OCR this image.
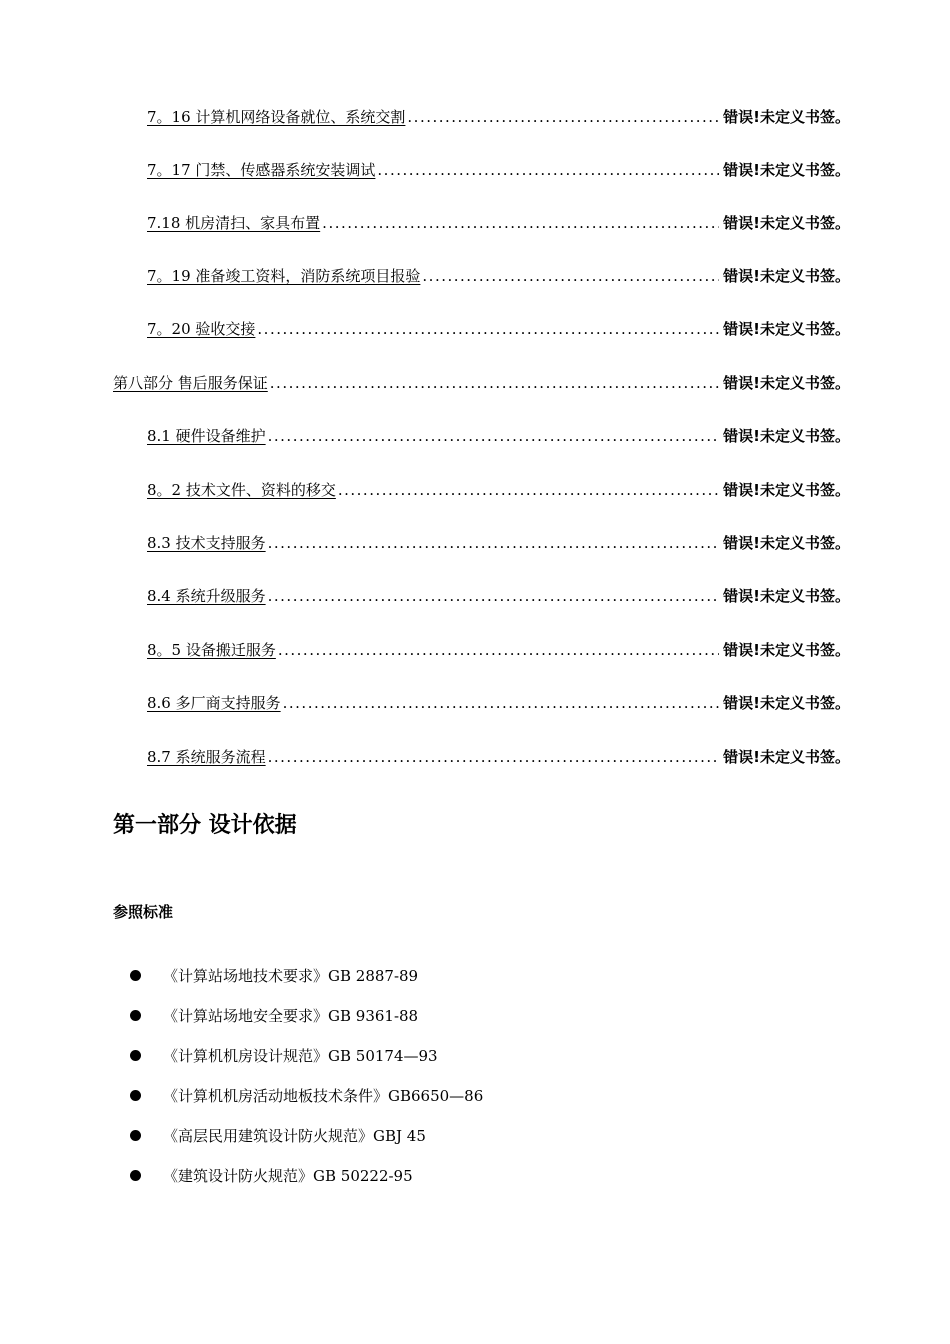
7。16 计算机网络设备就位、系统交割 .....	错误!未定义书签。
7。17 门禁、传感器系统安装调试 .....	错误!未定义书签。
7.18 机房清扫、家具布置 .....	错误!未定义书签。
7。19 准备竣工资料，消防系统项目报验 .....	错误!未定义书签。
7。20 验收交接 .....	错误!未定义书签。
第八部分 售后服务保证 .....	错误!未定义书签。
8.1 硬件设备维护 .....	错误!未定义书签。
8。2 技术文件、资料的移交 .....	错误!未定义书签。
8.3 技术支持服务 .....	错误!未定义书签。
8.4 系统升级服务 .....	错误!未定义书签。
8。5 设备搬迁服务 .....	错误!未定义书签。
8.6 多厂商支持服务 .....	错误!未定义书签。
8.7 系统服务流程 .....	错误!未定义书签。
第一部分 设计依据
参照标准
《计算站场地技术要求》GB 2887-89
《计算站场地安全要求》GB 9361-88
《计算机机房设计规范》GB 50174—93
《计算机机房活动地板技术条件》GB6650—86
《高层民用建筑设计防火规范》GBJ 45
《建筑设计防火规范》GB 50222-95
